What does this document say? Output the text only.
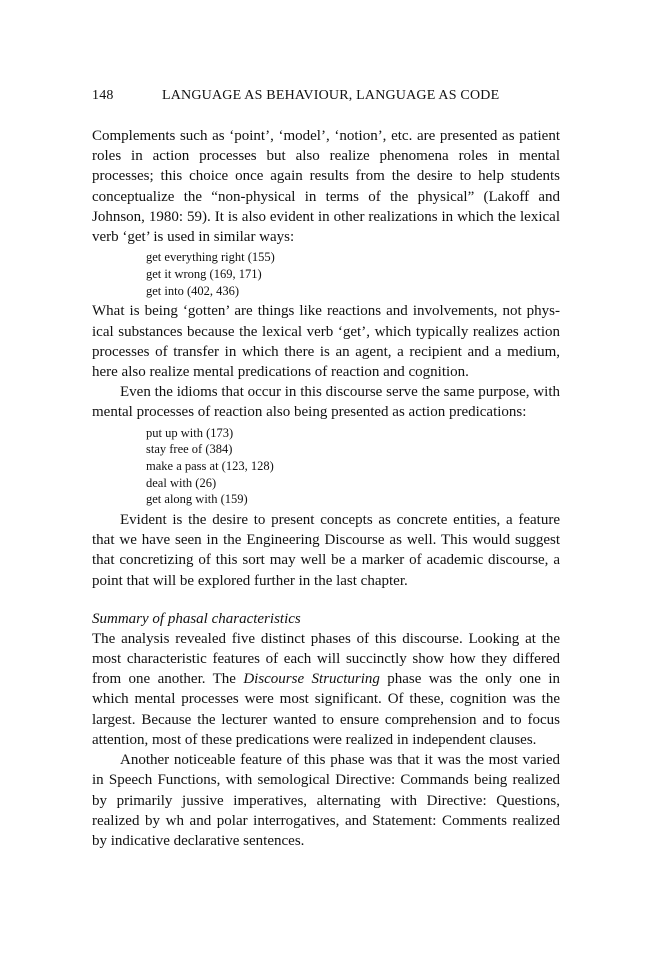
148	LANGUAGE AS BEHAVIOUR, LANGUAGE AS CODE

Complements such as ‘point’, ‘model’, ‘notion’, etc. are presented as patient roles in action processes but also realize phenomena roles in mental processes; this choice once again results from the desire to help students conceptualize the “non-physical in terms of the physical” (Lakoff and Johnson, 1980: 59). It is also evident in other realizations in which the lexical verb ‘get’ is used in similar ways:

get everything right (155)
get it wrong (169, 171)
get into (402, 436)

What is being ‘gotten’ are things like reactions and involvements, not physical substances because the lexical verb ‘get’, which typically realizes action processes of transfer in which there is an agent, a recipient and a medium, here also realize mental predications of reaction and cognition.

Even the idioms that occur in this discourse serve the same purpose, with mental processes of reaction also being presented as action predications:

put up with (173)
stay free of (384)
make a pass at (123, 128)
deal with (26)
get along with (159)

Evident is the desire to present concepts as concrete entities, a feature that we have seen in the Engineering Discourse as well. This would suggest that concretizing of this sort may well be a marker of academic discourse, a point that will be explored further in the last chapter.

Summary of phasal characteristics

The analysis revealed five distinct phases of this discourse. Looking at the most characteristic features of each will succinctly show how they differed from one another. The Discourse Structuring phase was the only one in which mental processes were most significant. Of these, cognition was the largest. Because the lecturer wanted to ensure comprehension and to focus attention, most of these predications were realized in independent clauses.

Another noticeable feature of this phase was that it was the most varied in Speech Functions, with semological Directive: Commands being realized by primarily jussive imperatives, alternating with Directive: Questions, realized by wh and polar interrogatives, and Statement: Comments realized by indicative declarative sentences.
